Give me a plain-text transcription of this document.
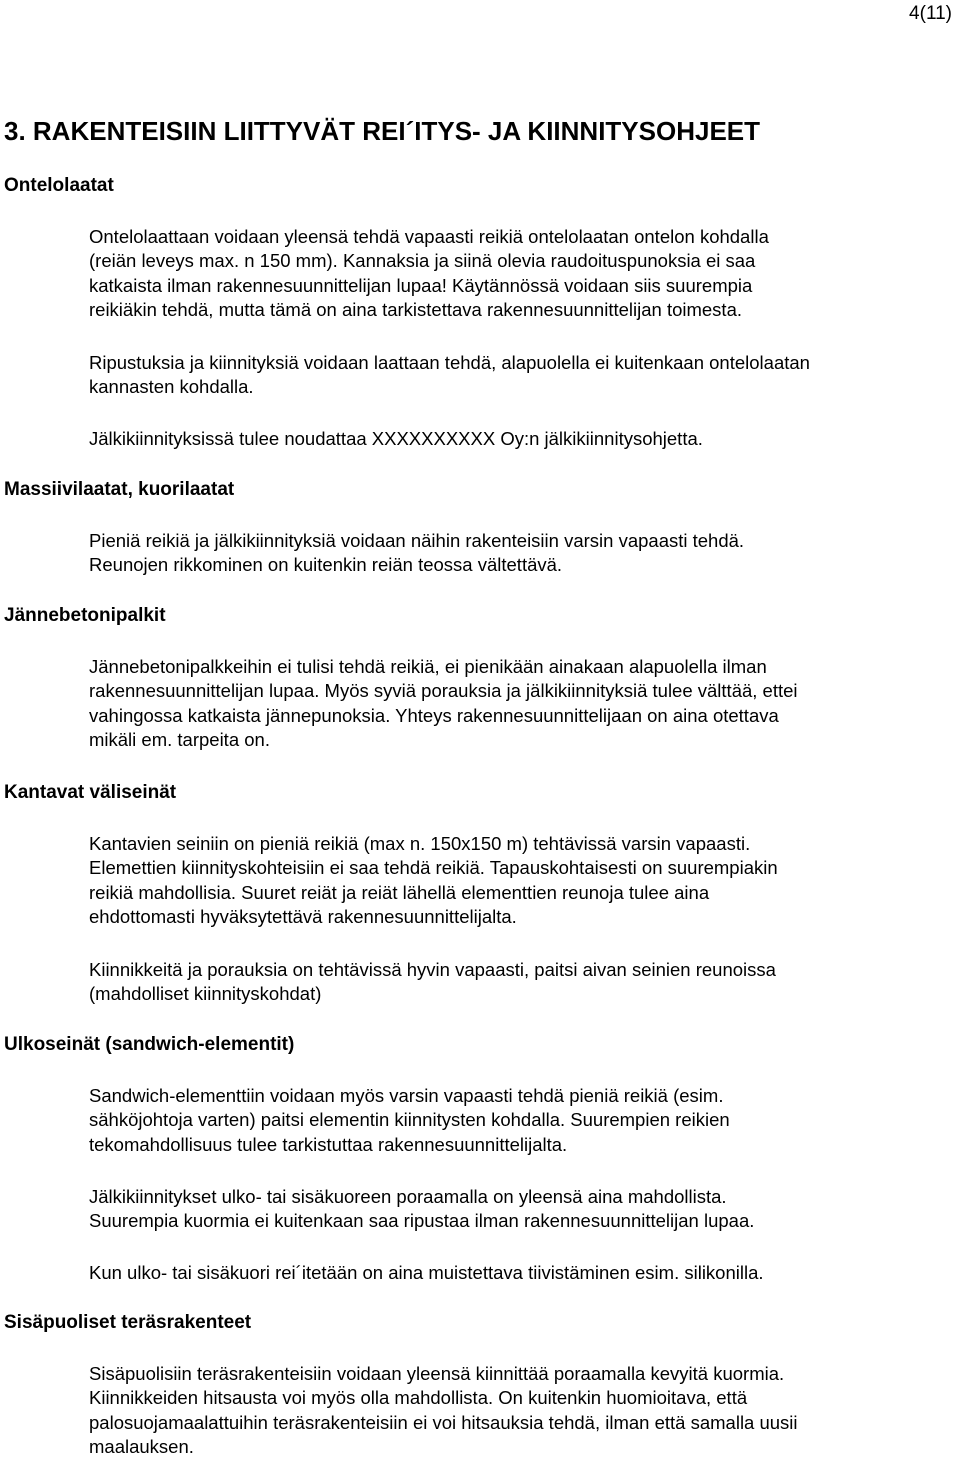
4(11)
3. RAKENTEISIIN LIITTYVÄT REI´ITYS- JA KIINNITYSOHJEET
Ontelolaatat

Ontelolaattaan voidaan yleensä tehdä vapaasti reikiä ontelolaatan ontelon kohdalla
(reiän leveys max. n 150 mm). Kannaksia ja siinä olevia raudoituspunoksia ei saa
katkaista ilman rakennesuunnittelijan lupaa! Käytännössä voidaan siis suurempia
reikiäkin tehdä, mutta tämä on aina tarkistettava rakennesuunnittelijan toimesta.

Ripustuksia ja kiinnityksiä voidaan laattaan tehdä, alapuolella ei kuitenkaan ontelolaatan
kannasten kohdalla.

Jälkikiinnityksissä tulee noudattaa XXXXXXXXXX Oy:n jälkikiinnitysohjetta.

Massiivilaatat, kuorilaatat

Pieniä reikiä ja jälkikiinnityksiä voidaan näihin rakenteisiin varsin vapaasti tehdä.
Reunojen rikkominen on kuitenkin reiän teossa vältettävä.

Jännebetonipalkit

Jännebetonipalkkeihin ei tulisi tehdä reikiä, ei pienikään ainakaan alapuolella ilman
rakennesuunnittelijan lupaa. Myös syviä porauksia ja jälkikiinnityksiä tulee välttää, ettei
vahingossa katkaista jännepunoksia. Yhteys rakennesuunnittelijaan on aina otettava
mikäli em. tarpeita on.

Kantavat väliseinät

Kantavien seiniin on pieniä reikiä (max n. 150x150 m) tehtävissä varsin vapaasti.
Elemettien kiinnityskohteisiin ei saa tehdä reikiä. Tapauskohtaisesti on suurempiakin
reikiä mahdollisia. Suuret reiät ja reiät lähellä elementtien reunoja tulee aina
ehdottomasti hyväksytettävä rakennesuunnittelijalta.

Kiinnikkeitä ja porauksia on tehtävissä hyvin vapaasti, paitsi aivan seinien reunoissa
(mahdolliset kiinnityskohdat)

Ulkoseinät (sandwich-elementit)

Sandwich-elementtiin voidaan myös varsin vapaasti tehdä pieniä reikiä (esim.
sähköjohtoja varten) paitsi elementin kiinnitysten kohdalla. Suurempien reikien
tekomahdollisuus tulee tarkistuttaa rakennesuunnittelijalta.

Jälkikiinnitykset ulko- tai sisäkuoreen poraamalla on yleensä aina mahdollista.
Suurempia kuormia ei kuitenkaan saa ripustaa ilman rakennesuunnittelijan lupaa.

Kun ulko- tai sisäkuori rei´itetään on aina muistettava tiivistäminen esim. silikonilla.

Sisäpuoliset teräsrakenteet

Sisäpuolisiin teräsrakenteisiin voidaan yleensä kiinnittää poraamalla kevyitä kuormia.
Kiinnikkeiden hitsausta voi myös olla mahdollista. On kuitenkin huomioitava, että
palosuojamaalattuihin teräsrakenteisiin ei voi hitsauksia tehdä, ilman että samalla uusii
maalauksen.
